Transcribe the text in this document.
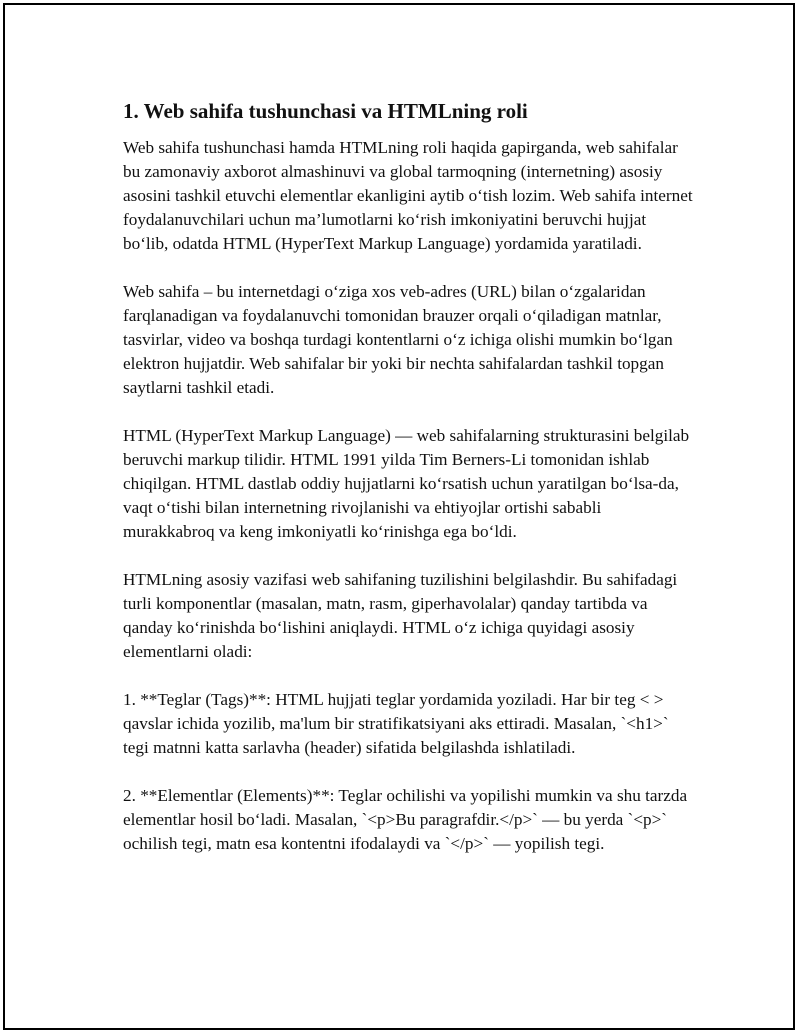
1. Web sahifa tushunchasi va HTMLning roli

Web sahifa tushunchasi hamda HTMLning roli haqida gapirganda, web sahifalar bu zamonaviy axborot almashinuvi va global tarmoqning (internetning) asosiy asosini tashkil etuvchi elementlar ekanligini aytib o‘tish lozim. Web sahifa internet foydalanuvchilari uchun ma’lumotlarni ko‘rish imkoniyatini beruvchi hujjat bo‘lib, odatda HTML (HyperText Markup Language) yordamida yaratiladi.

Web sahifa – bu internetdagi o‘ziga xos veb-adres (URL) bilan o‘zgalaridan farqlanadigan va foydalanuvchi tomonidan brauzer orqali o‘qiladigan matnlar, tasvirlar, video va boshqa turdagi kontentlarni o‘z ichiga olishi mumkin bo‘lgan elektron hujjatdir. Web sahifalar bir yoki bir nechta sahifalardan tashkil topgan saytlarni tashkil etadi.

HTML (HyperText Markup Language) — web sahifalarning strukturasini belgilab beruvchi markup tilidir. HTML 1991 yilda Tim Berners-Li tomonidan ishlab chiqilgan. HTML dastlab oddiy hujjatlarni ko‘rsatish uchun yaratilgan bo‘lsa-da, vaqt o‘tishi bilan internetning rivojlanishi va ehtiyojlar ortishi sababli murakkabroq va keng imkoniyatli ko‘rinishga ega bo‘ldi.

HTMLning asosiy vazifasi web sahifaning tuzilishini belgilashdir. Bu sahifadagi turli komponentlar (masalan, matn, rasm, giperhavolalar) qanday tartibda va qanday ko‘rinishda bo‘lishini aniqlaydi. HTML o‘z ichiga quyidagi asosiy elementlarni oladi:

1. **Teglar (Tags)**: HTML hujjati teglar yordamida yoziladi. Har bir teg < > qavslar ichida yozilib, ma'lum bir stratifikatsiyani aks ettiradi. Masalan, `<h1>` tegi matnni katta sarlavha (header) sifatida belgilashda ishlatiladi.

2. **Elementlar (Elements)**: Teglar ochilishi va yopilishi mumkin va shu tarzda elementlar hosil bo‘ladi. Masalan, `<p>Bu paragrafdir.</p>` — bu yerda `<p>` ochilish tegi, matn esa kontentni ifodalaydi va `</p>` — yopilish tegi.
